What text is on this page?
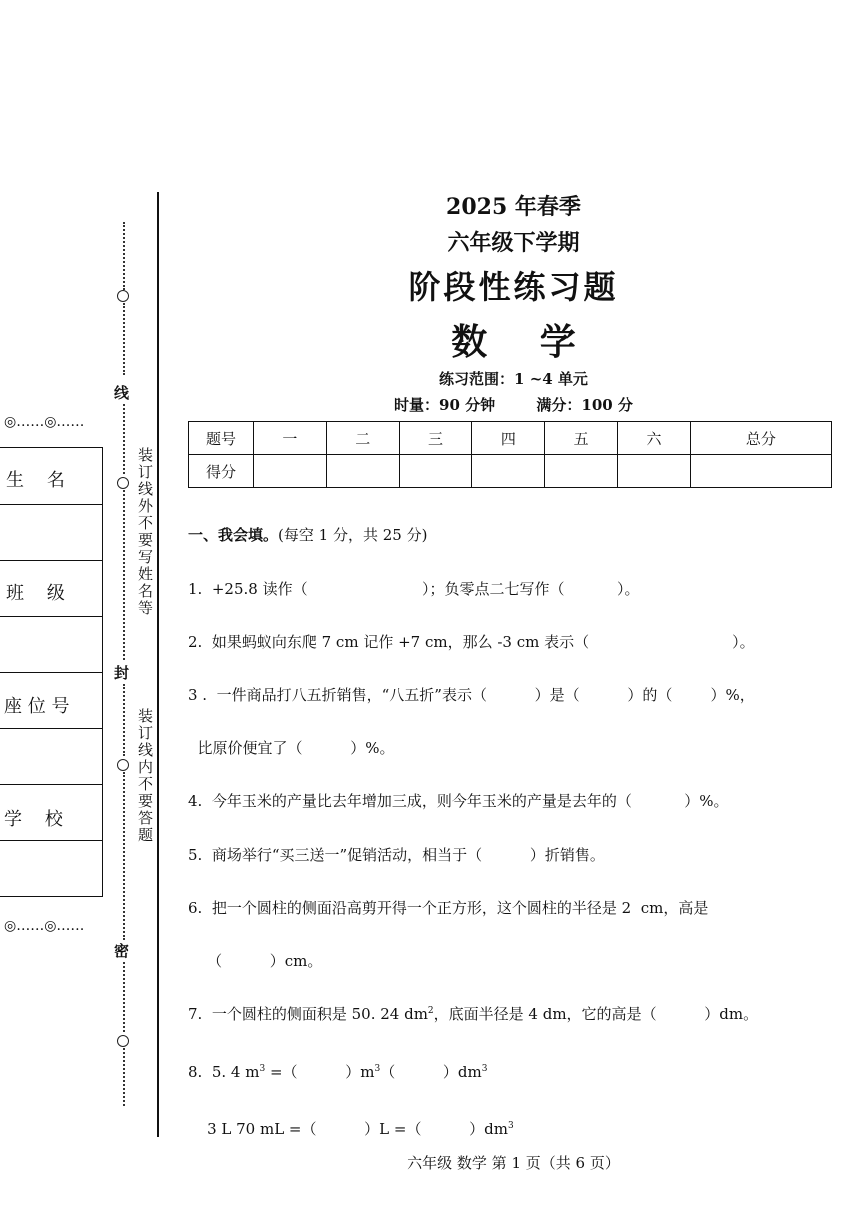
2025 年春季
六年级下学期
阶段性练习题
数 学
练习范围：1 ~4 单元
时量：90 分钟	满分：100 分
题号	一	二	三	四	五	六	总分
得分							
一、我会填。(每空 1 分，共 25 分)
1.  +25.8 读作（                        ）；负零点二七写作（           ）。
2.  如果蚂蚁向东爬 7 cm 记作 +7 cm，那么 -3 cm 表示（                              ）。
3 .  一件商品打八五折销售，“八五折”表示（          ）是（          ）的（        ）%，
比原价便宜了（          ）%。
4.  今年玉米的产量比去年增加三成，则今年玉米的产量是去年的（           ）%。
5.  商场举行“买三送一”促销活动，相当于（          ）折销售。
6.  把一个圆柱的侧面沿高剪开得一个正方形，这个圆柱的半径是 2  cm，高是
（          ）cm。
7.  一个圆柱的侧面积是 50. 24 $dm^2$，底面半径是 4 dm，它的高是（          ）dm。
8.  5. 4 $m^3$ =（          ）$m^3$（          ）$dm^3$
3 L 70 mL =（          ）L =（          ）$dm^3$
六年级 数学 第 1 页（共 6 页）
线
封
密
装订线外不要写姓名等
装订线内不要答题
◎……◎……
生    名
班    级
座 位 号
学    校
◎……◎……
